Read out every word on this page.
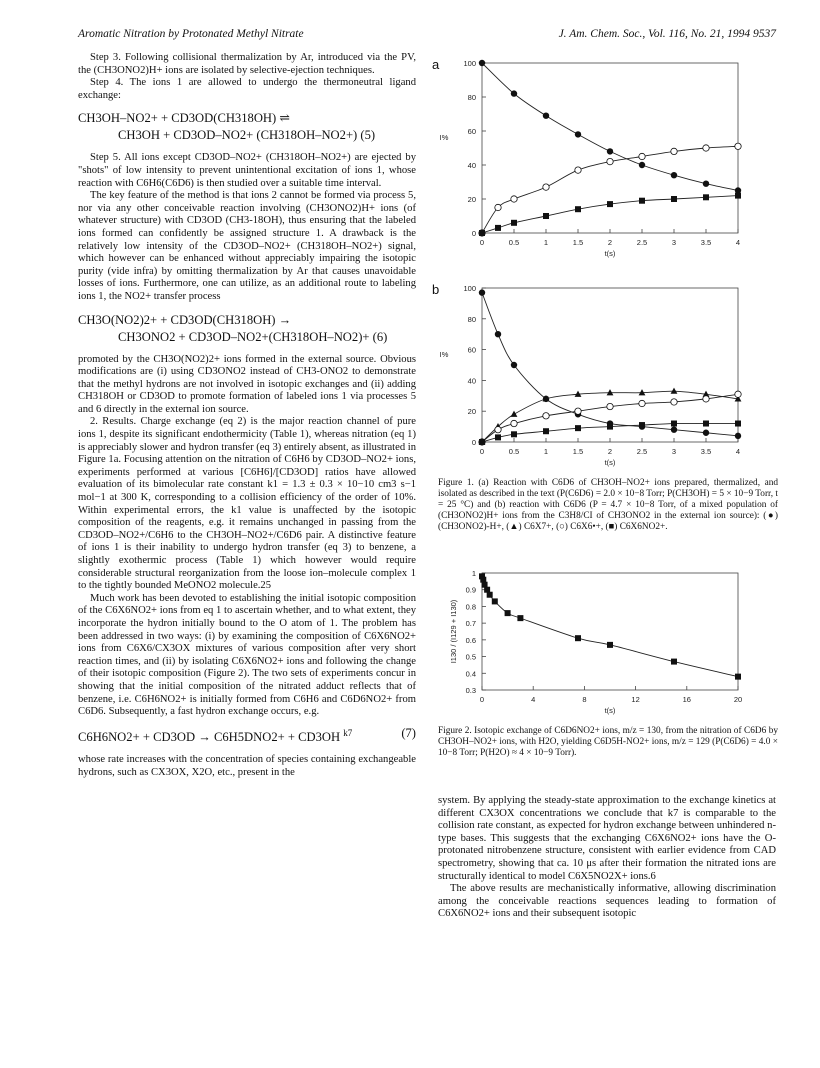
Aromatic Nitration by Protonated Methyl Nitrate	J. Am. Chem. Soc., Vol. 116, No. 21, 1994 9537

Step 3. Following collisional thermalization by Ar, introduced via the PV, the (CH3ONO2)H+ ions are isolated by selective-ejection techniques.

Step 4. The ions 1 are allowed to undergo the thermoneutral ligand exchange:

CH3OH–NO2+ + CD3OD(CH318OH) ⇌
CH3OH + CD3OD–NO2+ (CH318OH–NO2+) (5)

Step 5. All ions except CD3OD–NO2+ (CH318OH–NO2+) are ejected by "shots" of low intensity to prevent unintentional excitation of ions 1, whose reaction with C6H6(C6D6) is then studied over a suitable time interval.

The key feature of the method is that ions 2 cannot be formed via process 5, nor via any other conceivable reaction involving (CH3ONO2)H+ ions (of whatever structure) with CD3OD (CH3-18OH), thus ensuring that the labeled ions formed can confidently be assigned structure 1. A drawback is the relatively low intensity of the CD3OD–NO2+ (CH318OH–NO2+) signal, which however can be enhanced without appreciably impairing the isotopic purity (vide infra) by omitting thermalization by Ar that causes unavoidable losses of ions. Furthermore, one can utilize, as an additional route to labeling ions 1, the NO2+ transfer process

CH3O(NO2)2+ + CD3OD(CH318OH) →
CH3ONO2 + CD3OD–NO2+(CH318OH–NO2)+ (6)

promoted by the CH3O(NO2)2+ ions formed in the external source. Obvious modifications are (i) using CD3ONO2 instead of CH3-ONO2 to demonstrate that the methyl hydrons are not involved in isotopic exchanges and (ii) adding CH318OH or CD3OD to promote formation of labeled ions 1 via processes 5 and 6 directly in the external ion source.

2. Results. Charge exchange (eq 2) is the major reaction channel of pure ions 1, despite its significant endothermicity (Table 1), whereas nitration (eq 1) is appreciably slower and hydron transfer (eq 3) entirely absent, as illustrated in Figure 1a. Focusing attention on the nitration of C6H6 by CD3OD–NO2+ ions, experiments performed at various [C6H6]/[CD3OD] ratios have allowed evaluation of its bimolecular rate constant k1 = 1.3 ± 0.3 × 10−10 cm3 s−1 mol−1 at 300 K, corresponding to a collision efficiency of the order of 10%. Within experimental errors, the k1 value is unaffected by the isotopic composition of the reagents, e.g. it remains unchanged in passing from the CD3OD–NO2+/C6H6 to the CH3OH–NO2+/C6D6 pair. A distinctive feature of ions 1 is their inability to undergo hydron transfer (eq 3) to benzene, a slightly exothermic process (Table 1) which however would require considerable structural reorganization from the loose ion–molecule complex 1 to the tightly bounded MeONO2 molecule.25

Much work has been devoted to establishing the initial isotopic composition of the C6X6NO2+ ions from eq 1 to ascertain whether, and to what extent, they incorporate the hydron initially bound to the O atom of 1. The problem has been addressed in two ways: (i) by examining the composition of C6X6NO2+ ions from C6X6/CX3OX mixtures of various composition after very short reaction times, and (ii) by isolating C6X6NO2+ ions and following the change of their isotopic composition (Figure 2). The two sets of experiments concur in showing that the initial composition of the nitrated adduct reflects that of benzene, i.e. C6H6NO2+ is initially formed from C6H6 and C6D6NO2+ from C6D6. Subsequently, a fast hydron exchange occurs, e.g.

C6H6NO2+ + CD3OD → C6H5DNO2+ + CD3OH $^{k7}$	(7)

whose rate increases with the concentration of species containing exchangeable hydrons, such as CX3OX, X2O, etc., present in the

0	0.5	1	1.5	2	2.5	3	3.5	4
0
20
40
60
80
100
t(s)
I%
a
0	0.5	1	1.5	2	2.5	3	3.5	4
0
20
40
60
80
100
t(s)
I%
b
Figure 1. (a) Reaction with C6D6 of CH3OH–NO2+ ions prepared, thermalized, and isolated as described in the text (P(C6D6) = 2.0 × 10−8 Torr; P(CH3OH) = 5 × 10−9 Torr, t = 25 °C) and (b) reaction with C6D6 (P = 4.7 × 10−8 Torr, of a mixed population of (CH3ONO2)H+ ions from the C3H8/CI of CH3ONO2 in the external ion source): (●) (CH3ONO2)-H+, (▲) C6X7+, (○) C6X6•+, (■) C6X6NO2+.
0	4	8	12	16	20
0.3
0.4
0.5
0.6
0.7
0.8
0.9
1
t(s)
I130 / (I129 + I130)
Figure 2. Isotopic exchange of C6D6NO2+ ions, m/z = 130, from the nitration of C6D6 by CH3OH–NO2+ ions, with H2O, yielding C6D5H-NO2+ ions, m/z = 129 (P(C6D6) = 4.0 × 10−8 Torr; P(H2O) ≈ 4 × 10−9 Torr).

system. By applying the steady-state approximation to the exchange kinetics at different CX3OX concentrations we conclude that k7 is comparable to the collision rate constant, as expected for hydron exchange between unhindered n-type bases. This suggests that the exchanging C6X6NO2+ ions have the O-protonated nitrobenzene structure, consistent with earlier evidence from CAD spectrometry, showing that ca. 10 μs after their formation the nitrated ions are structurally identical to model C6X5NO2X+ ions.6

The above results are mechanistically informative, allowing discrimination among the conceivable reactions sequences leading to formation of C6X6NO2+ ions and their subsequent isotopic
